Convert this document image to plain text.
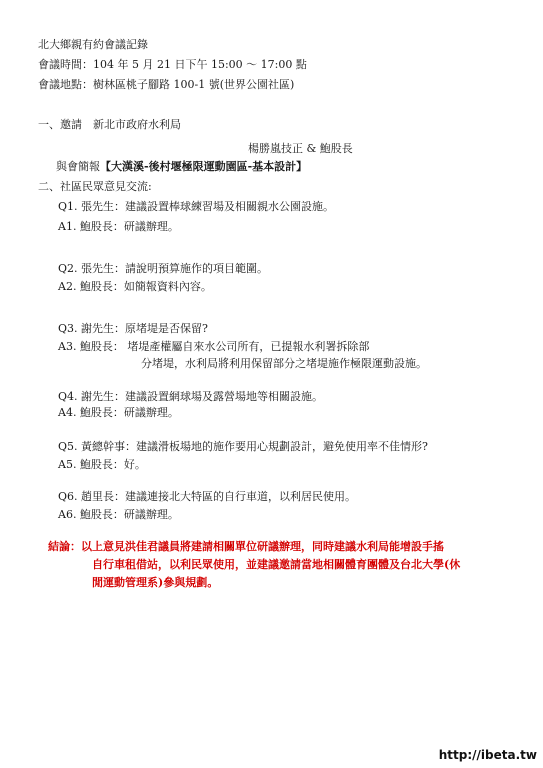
北大鄉親有約會議記錄
會議時間：104 年 5 月 21 日下午 15:00 ～ 17:00 點
會議地點：樹林區桃子腳路 100-1 號(世界公園社區)
一、邀請　新北市政府水利局
楊勝嵐技正 & 鮑股長
與會簡報【大漢溪-後村堰極限運動園區-基本設計】
二、社區民眾意見交流:
Q1. 張先生：建議設置棒球練習場及相關親水公園設施。
A1. 鮑股長：研議辦理。
Q2. 張先生：請說明預算施作的項目範圍。
A2. 鮑股長：如簡報資料內容。
Q3. 謝先生：原堵堤是否保留?
A3. 鮑股長： 堵堤產權屬自來水公司所有，已提報水利署拆除部
分堵堤，水利局將利用保留部分之堵堤施作極限運動設施。
Q4. 謝先生：建議設置網球場及露營場地等相關設施。
A4. 鮑股長：研議辦理。
Q5. 黃總幹事：建議滑板場地的施作要用心規劃設計，避免使用率不佳情形?
A5. 鮑股長：好。
Q6. 趙里長：建議連接北大特區的自行車道，以利居民使用。
A6. 鮑股長：研議辦理。
結論：以上意見洪佳君議員將建請相關單位研議辦理，同時建議水利局能增設手搖
自行車租借站，以利民眾使用，並建議邀請當地相關體育團體及台北大學(休
閒運動管理系)參與規劃。
http://ibeta.tw
